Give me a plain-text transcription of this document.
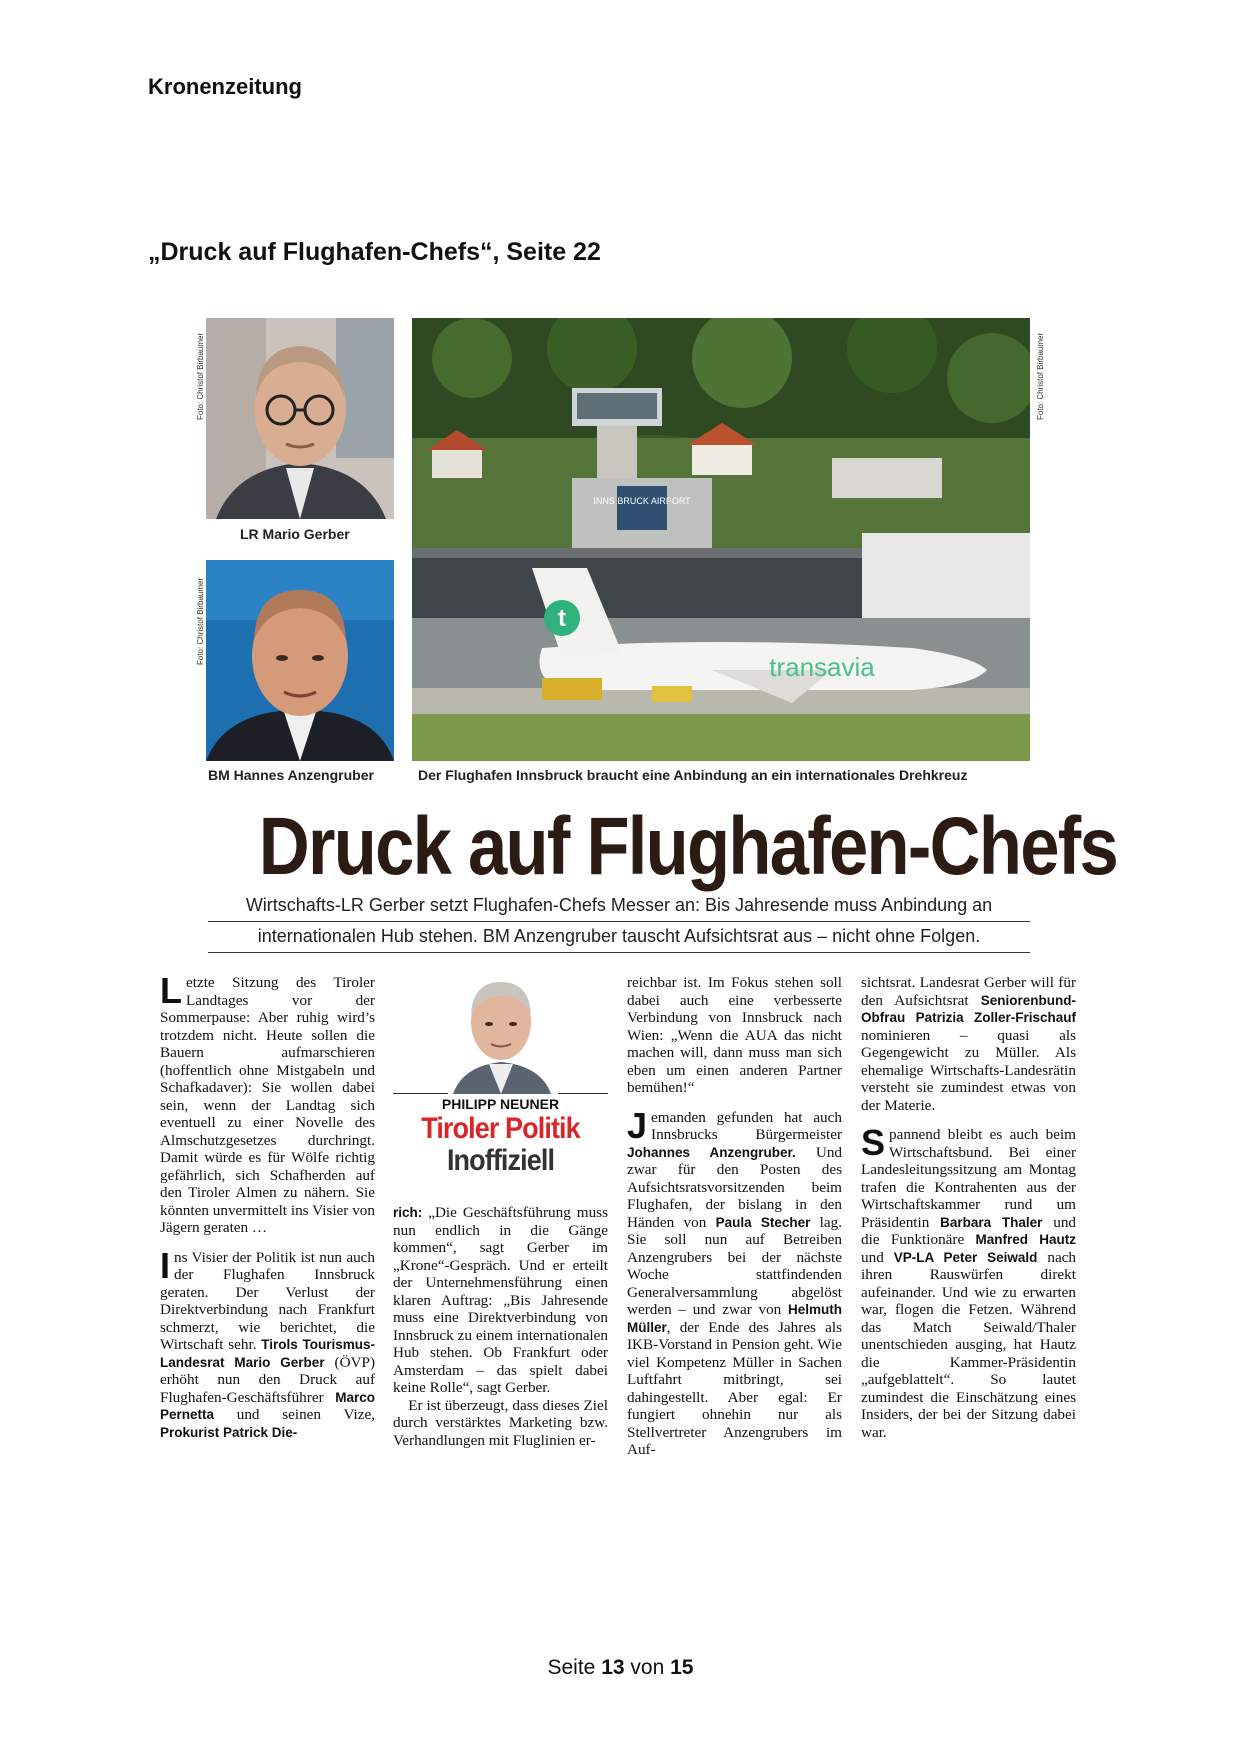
Kronenzeitung
„Druck auf Flughafen-Chefs“, Seite 22
Foto: Christof Birbaumer
LR Mario Gerber
Foto: Christof Birbaumer
BM Hannes Anzengruber
INNS BRUCK AIRPORT
t
transavia
Foto: Christof Birbaumer
Der Flughafen Innsbruck braucht eine Anbindung an ein internationales Drehkreuz
Druck auf Flughafen-Chefs
Wirtschafts-LR Gerber setzt Flughafen-Chefs Messer an: Bis Jahresende muss Anbindung an
internationalen Hub stehen. BM Anzengruber tauscht Aufsichtsrat aus – nicht ohne Folgen.

Letzte Sitzung des Tiroler Landtages vor der Sommerpause: Aber ruhig wird’s trotzdem nicht. Heute sollen die Bauern aufmarschieren (hoffentlich ohne Mistgabeln und Schafkadaver): Sie wollen dabei sein, wenn der Landtag sich eventuell zu einer Novelle des Almschutzgesetzes durchringt. Damit würde es für Wölfe richtig gefährlich, sich Schafherden auf den Tiroler Almen zu nähern. Sie könnten unvermittelt ins Visier von Jägern geraten …

Ins Visier der Politik ist nun auch der Flughafen Innsbruck geraten. Der Verlust der Direktverbindung nach Frankfurt schmerzt, wie berichtet, die Wirtschaft sehr. Tirols Tourismus-Landesrat Mario Gerber (ÖVP) erhöht nun den Druck auf Flughafen-Geschäftsführer Marco Pernetta und seinen Vize, Prokurist Patrick Die-

PHILIPP NEUNER
Tiroler Politik
Inoffiziell

rich: „Die Geschäftsführung muss nun endlich in die Gänge kommen“, sagt Gerber im „Krone“-Gespräch. Und er erteilt der Unternehmensführung einen klaren Auftrag: „Bis Jahresende muss eine Direktverbindung von Innsbruck zu einem internationalen Hub stehen. Ob Frankfurt oder Amsterdam – das spielt dabei keine Rolle“, sagt Gerber.

Er ist überzeugt, dass dieses Ziel durch verstärktes Marketing bzw. Verhandlungen mit Fluglinien er-

reichbar ist. Im Fokus stehen soll dabei auch eine verbesserte Verbindung von Innsbruck nach Wien: „Wenn die AUA das nicht machen will, dann muss man sich eben um einen anderen Partner bemühen!“

Jemanden gefunden hat auch Innsbrucks Bürgermeister Johannes Anzengruber. Und zwar für den Posten des Aufsichtsratsvorsitzenden beim Flughafen, der bislang in den Händen von Paula Stecher lag. Sie soll nun auf Betreiben Anzengrubers bei der nächste Woche stattfindenden Generalversammlung abgelöst werden – und zwar von Helmuth Müller, der Ende des Jahres als IKB-Vorstand in Pension geht. Wie viel Kompetenz Müller in Sachen Luftfahrt mitbringt, sei dahingestellt. Aber egal: Er fungiert ohnehin nur als Stellvertreter Anzengrubers im Auf-

sichtsrat. Landesrat Gerber will für den Aufsichtsrat Seniorenbund-Obfrau Patrizia Zoller-Frischauf nominieren – quasi als Gegengewicht zu Müller. Als ehemalige Wirtschafts-Landesrätin versteht sie zumindest etwas von der Materie.

Spannend bleibt es auch beim Wirtschaftsbund. Bei einer Landesleitungssitzung am Montag trafen die Kontrahenten aus der Wirtschaftskammer rund um Präsidentin Barbara Thaler und die Funktionäre Manfred Hautz und VP-LA Peter Seiwald nach ihren Rauswürfen direkt aufeinander. Und wie zu erwarten war, flogen die Fetzen. Während das Match Seiwald/Thaler unentschieden ausging, hat Hautz die Kammer-Präsidentin „aufgeblattelt“. So lautet zumindest die Einschätzung eines Insiders, der bei der Sitzung dabei war.

Seite 13 von 15
